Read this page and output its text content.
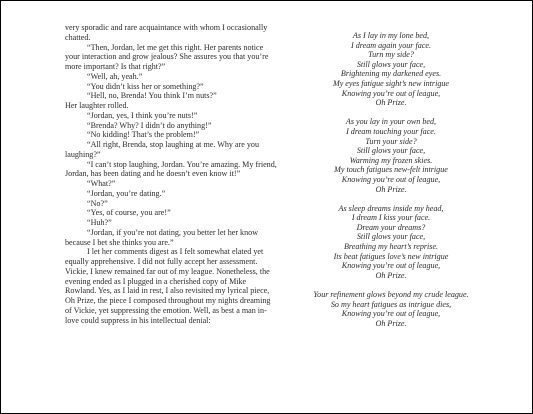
very sporadic and rare acquaintance with whom I occasionally chatted.

“Then, Jordan, let me get this right. Her parents notice your interaction and grow jealous? She assures you that you’re more important? Is that right?”

“Well, ah, yeah.”

“You didn’t kiss her or something?”

“Hell, no, Brenda! You think I’m nuts?”

Her laughter rolled.

“Jordan, yes, I think you’re nuts!”

“Brenda? Why? I didn’t do anything!”

“No kidding! That’s the problem!”

“All right, Brenda, stop laughing at me. Why are you laughing?”

“I can’t stop laughing, Jordan. You’re amazing. My friend, Jordan, has been dating and he doesn’t even know it!”

“What?”

“Jordan, you’re dating.”

“No?”

“Yes, of course, you are!”

“Huh?”

“Jordan, if you’re not dating, you better let her know because I bet she thinks you are.”

I let her comments digest as I felt somewhat elated yet equally apprehensive. I did not fully accept her assessment. Vickie, I knew remained far out of my league. Nonetheless, the evening ended as I plugged in a cherished copy of Mike Rowland. Yes, as I laid in rest, I also revisited my lyrical piece, Oh Prize, the piece I composed throughout my nights dreaming of Vickie, yet suppressing the emotion. Well, as best a man in-love could suppress in his intellectual denial:

As I lay in my lone bed,
I dream again your face.
Turn my side?
Still glows your face,
Brightening my darkened eyes.
My eyes fatigue sight’s new intrigue
Knowing you’re out of league,
Oh Prize.
As you lay in your own bed,
I dream touching your face.
Turn your side?
Still glows your face,
Warming my frozen skies.
My touch fatigues new-felt intrigue
Knowing you’re out of league,
Oh Prize.
As sleep dreams inside my head,
I dream I kiss your face.
Dream your dreams?
Still glows your face,
Breathing my heart’s reprise.
Its beat fatigues love’s new intrigue
Knowing you’re out of league,
Oh Prize.
Your refinement glows beyond my crude league.
So my heart fatigues as intrigue dies,
Knowing you’re out of league,
Oh Prize.
